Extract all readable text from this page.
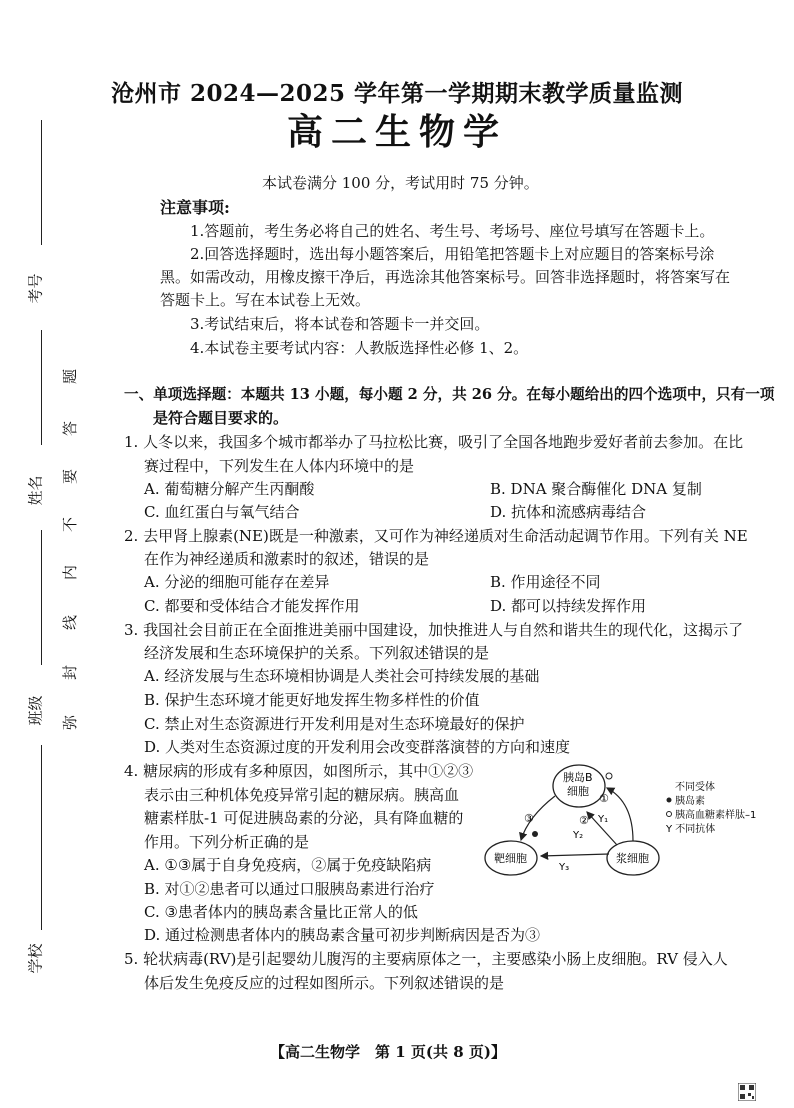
考号
姓名
班级
学校
题
答
要
不
内
线
封
弥
沧州市 2024—2025 学年第一学期期末教学质量监测
高二生物学
本试卷满分 100 分，考试用时 75 分钟。
注意事项:
1.答题前，考生务必将自己的姓名、考生号、考场号、座位号填写在答题卡上。
2.回答选择题时，选出每小题答案后，用铅笔把答题卡上对应题目的答案标号涂
黑。如需改动，用橡皮擦干净后，再选涂其他答案标号。回答非选择题时，将答案写在
答题卡上。写在本试卷上无效。
3.考试结束后，将本试卷和答题卡一并交回。
4.本试卷主要考试内容：人教版选择性必修 1、2。
一、单项选择题：本题共 13 小题，每小题 2 分，共 26 分。在每小题给出的四个选项中，只有一项
是符合题目要求的。
1. 人冬以来，我国多个城市都举办了马拉松比赛，吸引了全国各地跑步爱好者前去参加。在比
赛过程中，下列发生在人体内环境中的是
A. 葡萄糖分解产生丙酮酸	B. DNA 聚合酶催化 DNA 复制
C. 血红蛋白与氧气结合	D. 抗体和流感病毒结合
2. 去甲肾上腺素(NE)既是一种激素，又可作为神经递质对生命活动起调节作用。下列有关 NE
在作为神经递质和激素时的叙述，错误的是
A. 分泌的细胞可能存在差异	B. 作用途径不同
C. 都要和受体结合才能发挥作用	D. 都可以持续发挥作用
3. 我国社会目前正在全面推进美丽中国建设，加快推进人与自然和谐共生的现代化，这揭示了
经济发展和生态环境保护的关系。下列叙述错误的是
A. 经济发展与生态环境相协调是人类社会可持续发展的基础
B. 保护生态环境才能更好地发挥生物多样性的价值
C. 禁止对生态资源进行开发利用是对生态环境最好的保护
D. 人类对生态资源过度的开发利用会改变群落演替的方向和速度
4. 糖尿病的形成有多种原因，如图所示，其中①②③
表示由三种机体免疫异常引起的糖尿病。胰高血
糖素样肽-1 可促进胰岛素的分泌，具有降血糖的
作用。下列分析正确的是
A. ①③属于自身免疫病，②属于免疫缺陷病
B. 对①②患者可以通过口服胰岛素进行治疗
C. ③患者体内的胰岛素含量比正常人的低
D. 通过检测患者体内的胰岛素含量可初步判断病因是否为③
胰岛B
细胞
靶细胞	浆细胞
①
②
③	Y₁
Y₂
Y₃
不同受体
胰岛素
胰高血糖素样肽–1
Y 不同抗体
5. 轮状病毒(RV)是引起婴幼儿腹泻的主要病原体之一，主要感染小肠上皮细胞。RV 侵入人
体后发生免疫反应的过程如图所示。下列叙述错误的是
【高二生物学　第 1 页(共 8 页)】
